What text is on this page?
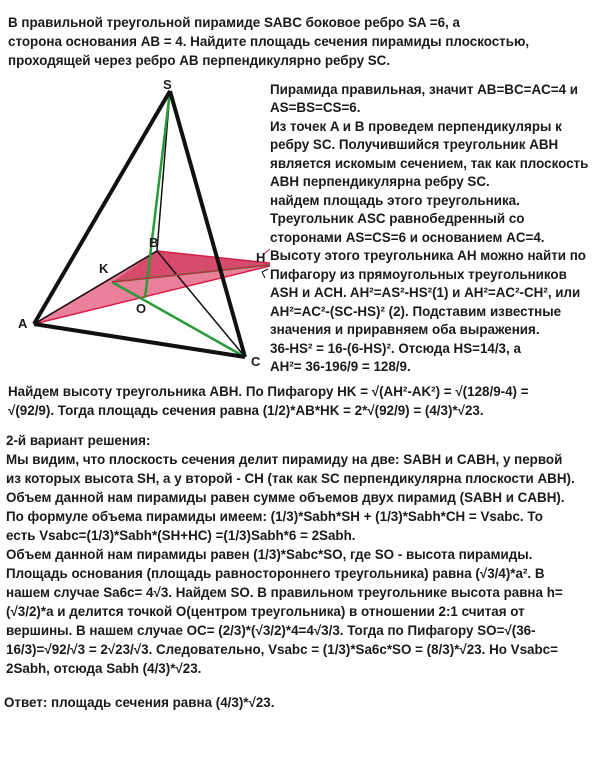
В правильной треугольной пирамиде SABC боковое ребро SA =6, а
сторона основания AB = 4. Найдите площадь сечения пирамиды плоскостью,
проходящей через ребро AB перпендикулярно ребру SC.
S
A
C
H
K
O
B
Пирамида правильная, значит AB=BC=AC=4 и
AS=BS=CS=6.
Из точек A и B проведем перпендикуляры к
ребру SC. Получившийся треугольник ABH
является искомым сечением, так как плоскость
ABH перпендикулярна ребру SC.
найдем площадь этого треугольника.
Треугольник ASC равнобедренный со
сторонами AS=CS=6 и основанием AC=4.
Высоту этого треугольника AH можно найти по
Пифагору из прямоугольных треугольников
ASH и ACH. AH²=AS²-HS²(1) и AH²=AC²-CH², или
AH²=AC²-(SC-HS)² (2). Подставим известные
значения и приравняем оба выражения.
36-HS² = 16-(6-HS)². Отсюда HS=14/3, а
AH²= 36-196/9 = 128/9.
Найдем высоту треугольника ABH. По Пифагору HK = √(AH²-AK²) = √(128/9-4) =
√(92/9). Тогда площадь сечения равна (1/2)*AB*HK = 2*√(92/9) = (4/3)*√23.
2-й вариант решения:
Мы видим, что плоскость сечения делит пирамиду на две: SABH и CABH, у первой
из которых высота SH, а у второй - CH (так как SC перпендикулярна плоскости ABH).
Объем данной нам пирамиды равен сумме объемов двух пирамид (SABH и CABH).
По формуле объема пирамиды имеем: (1/3)*Sabh*SH + (1/3)*Sabh*CH = Vsabc. То
есть Vsabc=(1/3)*Sabh*(SH+HC) =(1/3)Sabh*6 = 2Sabh.
Объем данной нам пирамиды равен (1/3)*Sabc*SO, где SO - высота пирамиды.
Площадь основания (площадь равностороннего треугольника) равна (√3/4)*a². В
нашем случае Sa6c= 4√3. Найдем SO. В правильном треугольнике высота равна h=
(√3/2)*a и делится точкой O(центром треугольника) в отношении 2:1 считая от
вершины. В нашем случае OC= (2/3)*(√3/2)*4=4√3/3. Тогда по Пифагору SO=√(36-
16/3)=√92/√3 = 2√23/√3. Следовательно, Vsabc = (1/3)*Sa6c*SO = (8/3)*√23. Но Vsabc=
2Sabh, отсюда Sabh (4/3)*√23.
Ответ: площадь сечения равна (4/3)*√23.
